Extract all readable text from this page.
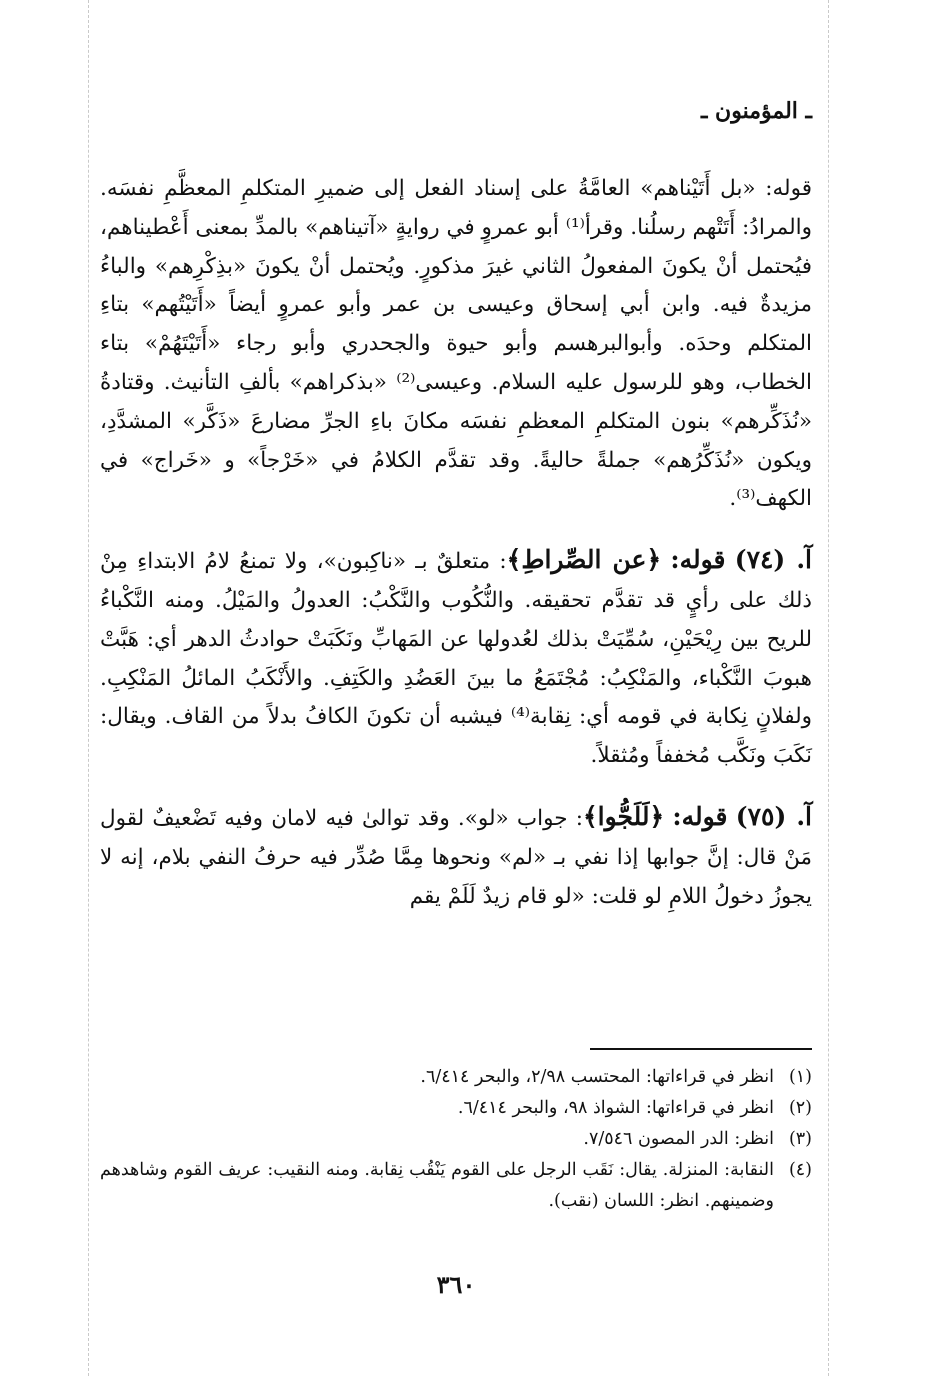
ـ المؤمنون ـ

قوله: «بل أَتَيْناهم» العامَّةُ على إسناد الفعل إلى ضميرِ المتكلمِ المعظَّمِ نفسَه. والمرادُ: أَتَتْهم رسلُنا. وقرأ⁽¹⁾ أبو عمروٍ في روايةٍ «آتيناهم» بالمدِّ بمعنى أَعْطيناهم، فيُحتمل أنْ يكونَ المفعولُ الثاني غيرَ مذكورٍ. ويُحتمل أنْ يكونَ «بذِكْرِهم» والباءُ مزيدةٌ فيه. وابن أبي إسحاق وعيسى بن عمر وأبو عمروٍ أيضاً «أَتَيْتُهم» بتاءِ المتكلم وحدَه. وأبوالبرهسم وأبو حيوة والجحدري وأبو رجاء «أَتَيْتَهُمْ» بتاء الخطاب، وهو للرسول عليه السلام. وعيسى⁽²⁾ «بذكراهم» بألفِ التأنيث. وقتادةُ «نُذَكِّرهم» بنون المتكلمِ المعظمِ نفسَه مكانَ باءِ الجرِّ مضارعَ «ذَكَّر» المشدَّدِ، ويكون «نُذَكِّرُهم» جملةً حاليةً. وقد تقدَّم الكلامُ في «خَرْجاً» و «خَراج» في الكهف⁽³⁾.

آ. (٧٤) قوله: ﴿عن الصِّراطِ﴾: متعلقٌ بـ «ناكِبون»، ولا تمنعُ لامُ الابتداءِ مِنْ ذلك على رأيٍ قد تقدَّم تحقيقه. والنُّكُوب والنَّكْبُ: العدولُ والمَيْلُ. ومنه النَّكْباءُ للريح بين رِيْحَيْنِ، سُمِّيَتْ بذلك لعُدولها عن المَهابِّ ونَكَبَتْ حوادثُ الدهر أي: هَبَّتْ هبوبَ النَّكْباء، والمَنْكِبُ: مُجْتَمَعُ ما بينَ العَضُدِ والكَتِفِ. والأَنْكَبُ المائلُ المَنْكِبِ. ولفلانٍ نِكابة في قومه أي: نِقابة⁽⁴⁾ فيشبه أن تكونَ الكافُ بدلاً من القاف. ويقال: نَكَبَ ونَكَّب مُخففاً ومُثقلاً.

آ. (٧٥) قوله: ﴿لَلَجُّوا﴾: جواب «لو». وقد توالىٰ فيه لامان وفيه تَضْعيفٌ لقول مَنْ قال: إنَّ جوابها إذا نفي بـ «لم» ونحوها مِمَّا صُدِّر فيه حرفُ النفي بلام، إنه لا يجوزُ دخولُ اللامِ لو قلت: «لو قام زيدٌ لَلَمْ يقم

(١)
انظر في قراءاتها: المحتسب ٢/٩٨، والبحر ٦/٤١٤.
(٢)
انظر في قراءاتها: الشواذ ٩٨، والبحر ٦/٤١٤.
(٣)
انظر: الدر المصون ٧/٥٤٦.
(٤)
النقابة: المنزلة. يقال: نَقَب الرجل على القوم يَنْقُب نِقابة. ومنه النقيب: عريف القوم وشاهدهم وضمينهم. انظر: اللسان (نقب).
٣٦٠
